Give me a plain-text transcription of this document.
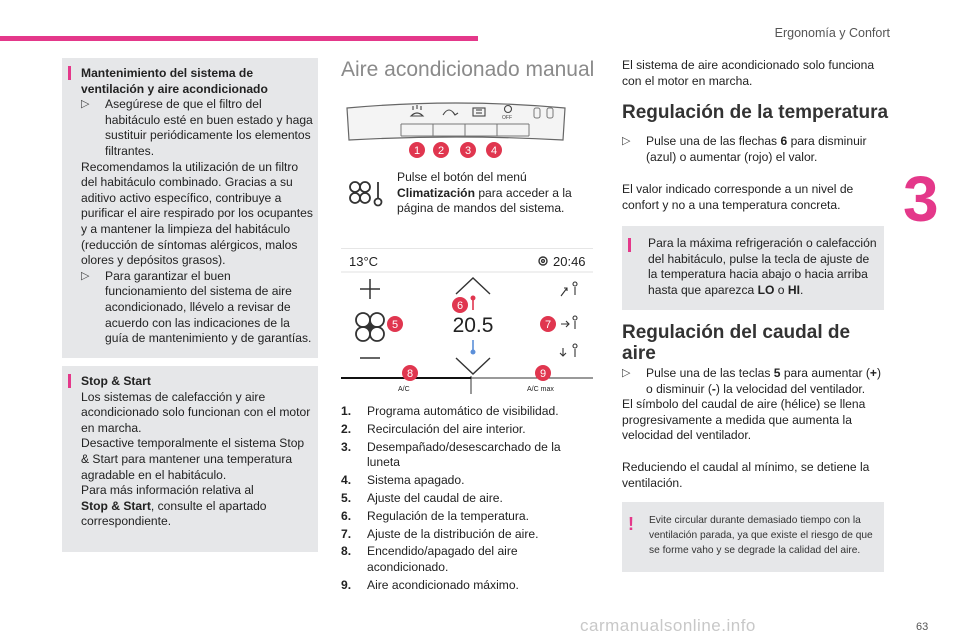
Ergonomía y Confort
3

Mantenimiento del sistema de ventilación y aire acondicionado

▷ Asegúrese de que el filtro del habitáculo esté en buen estado y haga sustituir periódicamente los elementos filtrantes.

Recomendamos la utilización de un filtro del habitáculo combinado. Gracias a su aditivo activo específico, contribuye a purificar el aire respirado por los ocupantes y a mantener la limpieza del habitáculo (reducción de síntomas alérgicos, malos olores y depósitos grasos).

▷ Para garantizar el buen funcionamiento del sistema de aire acondicionado, llévelo a revisar de acuerdo con las indicaciones de la guía de mantenimiento y de garantías.

Stop & Start

Los sistemas de calefacción y aire acondicionado solo funcionan con el motor en marcha.

Desactive temporalmente el sistema Stop & Start para mantener una temperatura agradable en el habitáculo.

Para más información relativa al
Stop & Start, consulte el apartado correspondiente.

Aire acondicionado manual
OFF
1 2 3 4
Pulse el botón del menú
Climatización para acceder a la página de mandos del sistema.
13°C	20:46
20.5
A/C	A/C max
5
6
7
8	9
1. Programa automático de visibilidad.
2. Recirculación del aire interior.
3. Desempañado/desescarchado de la luneta
4. Sistema apagado.
5. Ajuste del caudal de aire.
6. Regulación de la temperatura.
7. Ajuste de la distribución de aire.
8. Encendido/apagado del aire acondicionado.
9. Aire acondicionado máximo.
El sistema de aire acondicionado solo funciona con el motor en marcha.
Regulación de la temperatura

▷ Pulse una de las flechas 6 para disminuir (azul) o aumentar (rojo) el valor.

El valor indicado corresponde a un nivel de confort y no a una temperatura concreta.
Para la máxima refrigeración o calefacción del habitáculo, pulse la tecla de ajuste de la temperatura hacia abajo o hacia arriba hasta que aparezca LO o HI.
Regulación del caudal de aire

▷ Pulse una de las teclas 5 para aumentar (+) o disminuir (-) la velocidad del ventilador.

El símbolo del caudal de aire (hélice) se llena progresivamente a medida que aumenta la velocidad del ventilador.

Reduciendo el caudal al mínimo, se detiene la ventilación.
! Evite circular durante demasiado tiempo con la ventilación parada, ya que existe el riesgo de que se forme vaho y se degrade la calidad del aire.
carmanualsonline.info	63
